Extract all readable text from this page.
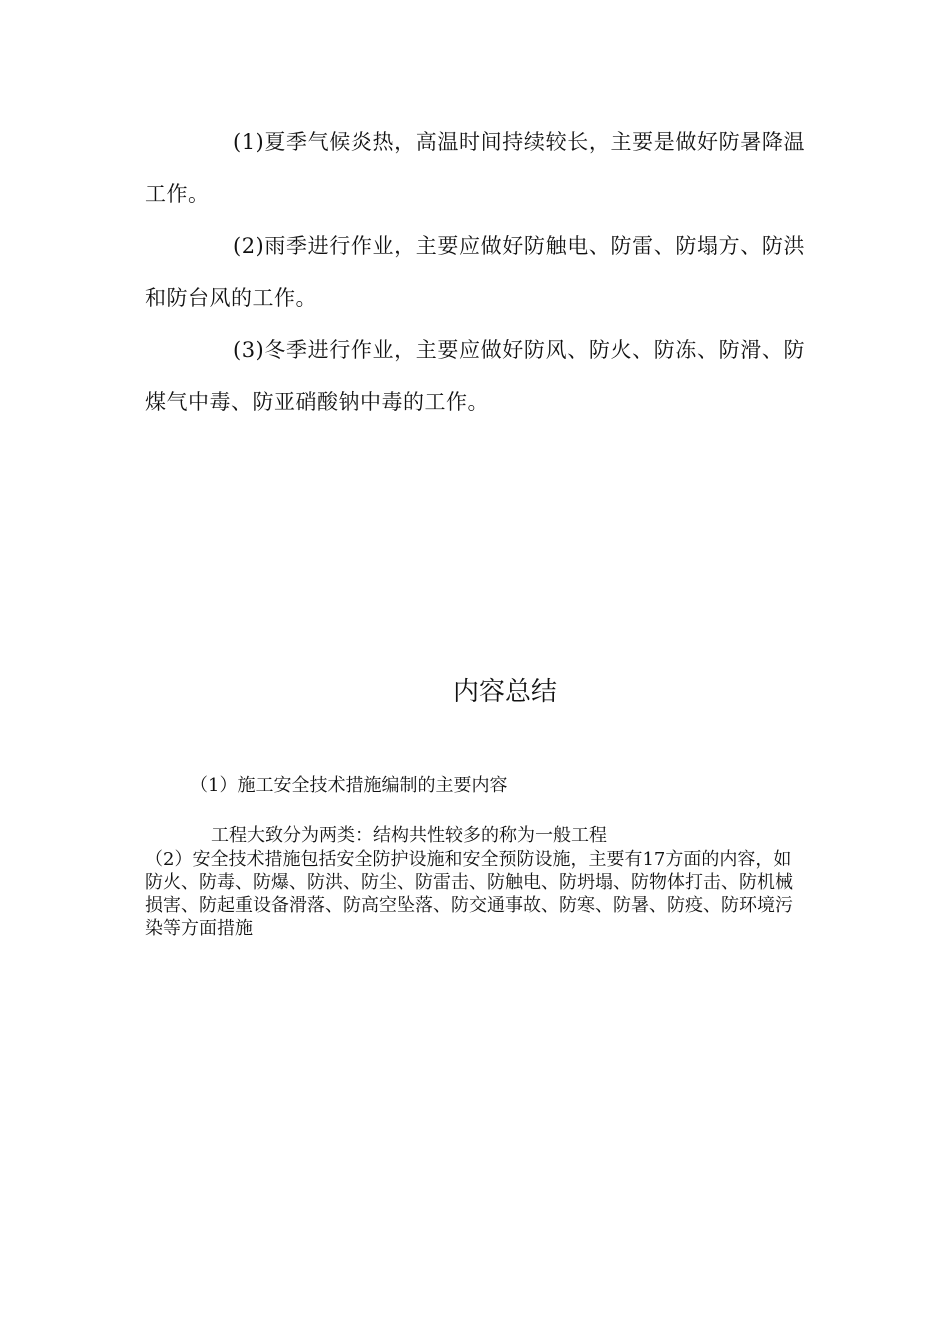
(1)夏季气候炎热，高温时间持续较长，主要是做好防暑降温工作。

(2)雨季进行作业，主要应做好防触电、防雷、防塌方、防洪和防台风的工作。

(3)冬季进行作业，主要应做好防风、防火、防冻、防滑、防煤气中毒、防亚硝酸钠中毒的工作。

内容总结

（1）施工安全技术措施编制的主要内容

工程大致分为两类：结构共性较多的称为一般工程

（2）安全技术措施包括安全防护设施和安全预防设施，主要有17方面的内容，如防火、防毒、防爆、防洪、防尘、防雷击、防触电、防坍塌、防物体打击、防机械损害、防起重设备滑落、防高空坠落、防交通事故、防寒、防暑、防疫、防环境污染等方面措施
